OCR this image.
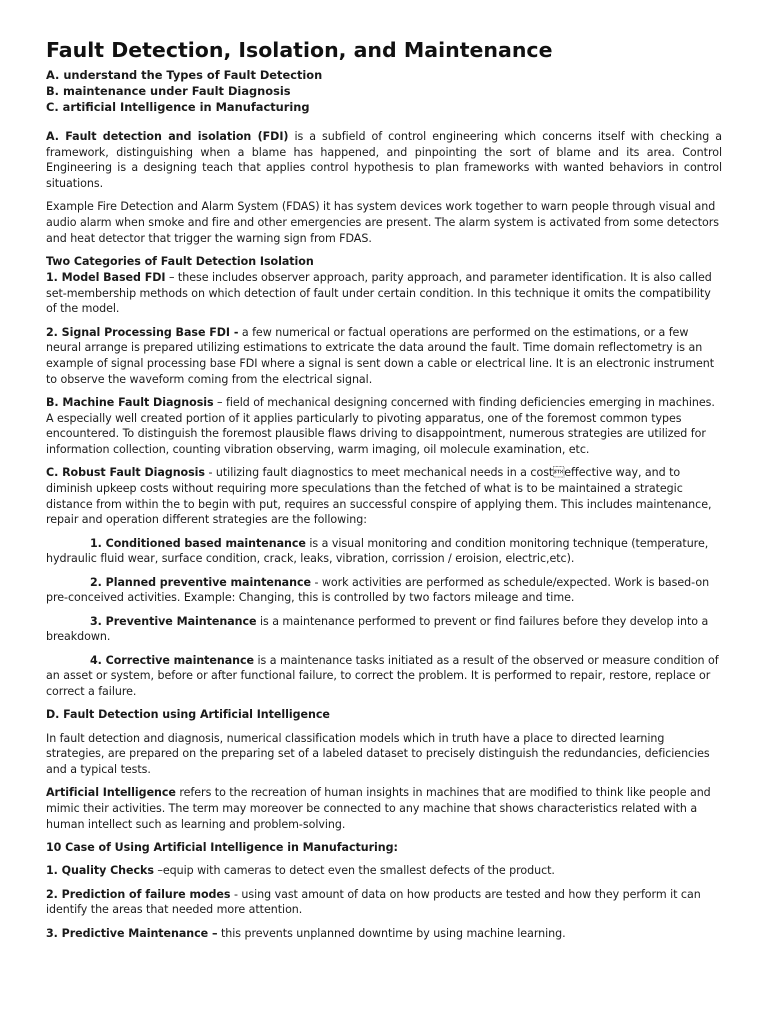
Fault Detection, Isolation, and Maintenance
A. understand the Types of Fault Detection
B. maintenance under Fault Diagnosis
C. artificial Intelligence in Manufacturing

A. Fault detection and isolation (FDI) is a subfield of control engineering which concerns itself with checking a framework, distinguishing when a blame has happened, and pinpointing the sort of blame and its area. Control Engineering is a designing teach that applies control hypothesis to plan frameworks with wanted behaviors in control situations.

Example Fire Detection and Alarm System (FDAS) it has system devices work together to warn people through visual and audio alarm when smoke and fire and other emergencies are present. The alarm system is activated from some detectors and heat detector that trigger the warning sign from FDAS.

Two Categories of Fault Detection Isolation

1. Model Based FDI – these includes observer approach, parity approach, and parameter identification. It is also called set-membership methods on which detection of fault under certain condition. In this technique it omits the compatibility of the model.

2. Signal Processing Base FDI - a few numerical or factual operations are performed on the estimations, or a few neural arrange is prepared utilizing estimations to extricate the data around the fault. Time domain reflectometry is an example of signal processing base FDI where a signal is sent down a cable or electrical line. It is an electronic instrument to observe the waveform coming from the electrical signal.

B. Machine Fault Diagnosis – field of mechanical designing concerned with finding deficiencies emerging in machines. A especially well created portion of it applies particularly to pivoting apparatus, one of the foremost common types encountered. To distinguish the foremost plausible flaws driving to disappointment, numerous strategies are utilized for information collection, counting vibration observing, warm imaging, oil molecule examination, etc.

C. Robust Fault Diagnosis - utilizing fault diagnostics to meet mechanical needs in a costeffective way, and to diminish upkeep costs without requiring more speculations than the fetched of what is to be maintained a strategic distance from within the to begin with put, requires an successful conspire of applying them. This includes maintenance, repair and operation different strategies are the following:

1. Conditioned based maintenance is a visual monitoring and condition monitoring technique (temperature, hydraulic fluid wear, surface condition, crack, leaks, vibration, corrission / eroision, electric,etc).

2. Planned preventive maintenance - work activities are performed as schedule/expected. Work is based-on pre-conceived activities. Example: Changing, this is controlled by two factors mileage and time.

3. Preventive Maintenance is a maintenance performed to prevent or find failures before they develop into a breakdown.

4. Corrective maintenance is a maintenance tasks initiated as a result of the observed or measure condition of an asset or system, before or after functional failure, to correct the problem. It is performed to repair, restore, replace or correct a failure.

D. Fault Detection using Artificial Intelligence

In fault detection and diagnosis, numerical classification models which in truth have a place to directed learning strategies, are prepared on the preparing set of a labeled dataset to precisely distinguish the redundancies, deficiencies and a typical tests.

Artificial Intelligence refers to the recreation of human insights in machines that are modified to think like people and mimic their activities. The term may moreover be connected to any machine that shows characteristics related with a human intellect such as learning and problem-solving.

10 Case of Using Artificial Intelligence in Manufacturing:

1. Quality Checks –equip with cameras to detect even the smallest defects of the product.

2. Prediction of failure modes - using vast amount of data on how products are tested and how they perform it can identify the areas that needed more attention.

3. Predictive Maintenance – this prevents unplanned downtime by using machine learning.
